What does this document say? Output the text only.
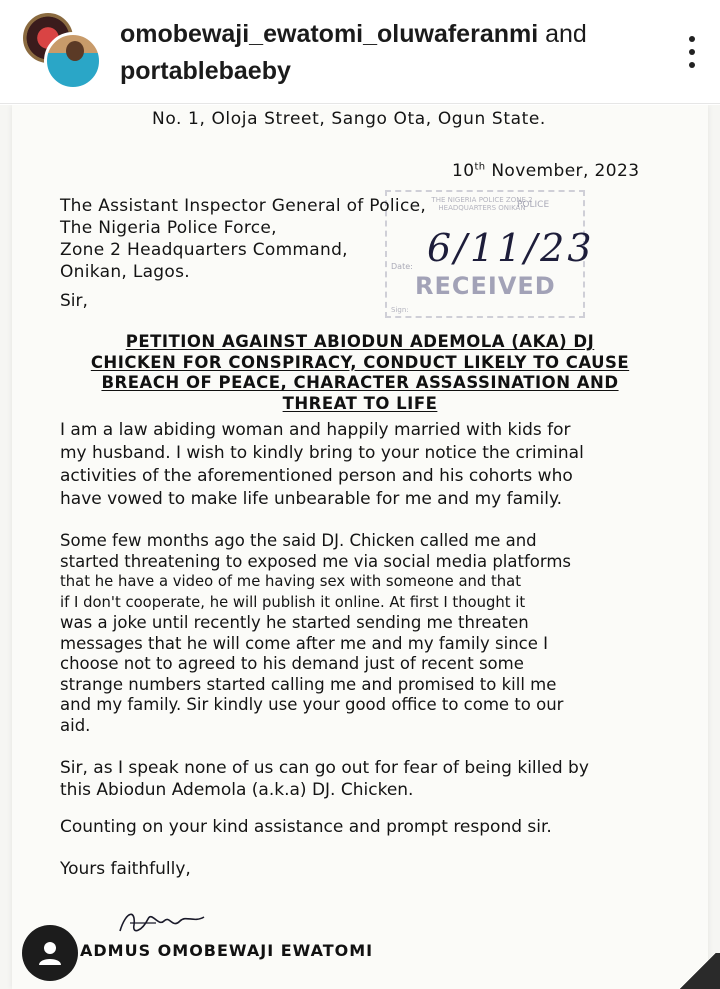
omobewaji_ewatomi_oluwaferanmi and
portablebaeby
No. 1, Oloja Street, Sango Ota, Ogun State.
10th November, 2023
THE NIGERIA POLICE ZONE 2 HEADQUARTERS ONIKAN
POLICE
6/11/23
Date:
RECEIVED
Sign:
The Assistant Inspector General of Police,
The Nigeria Police Force,
Zone 2 Headquarters Command,
Onikan, Lagos.
Sir,
PETITION AGAINST ABIODUN ADEMOLA (AKA) DJ
CHICKEN FOR CONSPIRACY, CONDUCT LIKELY TO CAUSE
BREACH OF PEACE, CHARACTER ASSASSINATION AND
THREAT TO LIFE
I am a law abiding woman and happily married with kids for
my husband. I wish to kindly bring to your notice the criminal
activities of the aforementioned person and his cohorts who
have vowed to make life unbearable for me and my family.
Some few months ago the said DJ. Chicken called me and
started threatening to exposed me via social media platforms
that he have a video of me having sex with someone and that
if I don't cooperate, he will publish it online. At first I thought it
was a joke until recently he started sending me threaten
messages that he will come after me and my family since I
choose not to agreed to his demand just of recent some
strange numbers started calling me and promised to kill me
and my family. Sir kindly use your good office to come to our
aid.
Sir, as I speak none of us can go out for fear of being killed by
this Abiodun Ademola (a.k.a) DJ. Chicken.
Counting on your kind assistance and prompt respond sir.
Yours faithfully,
ADMUS OMOBEWAJI EWATOMI
